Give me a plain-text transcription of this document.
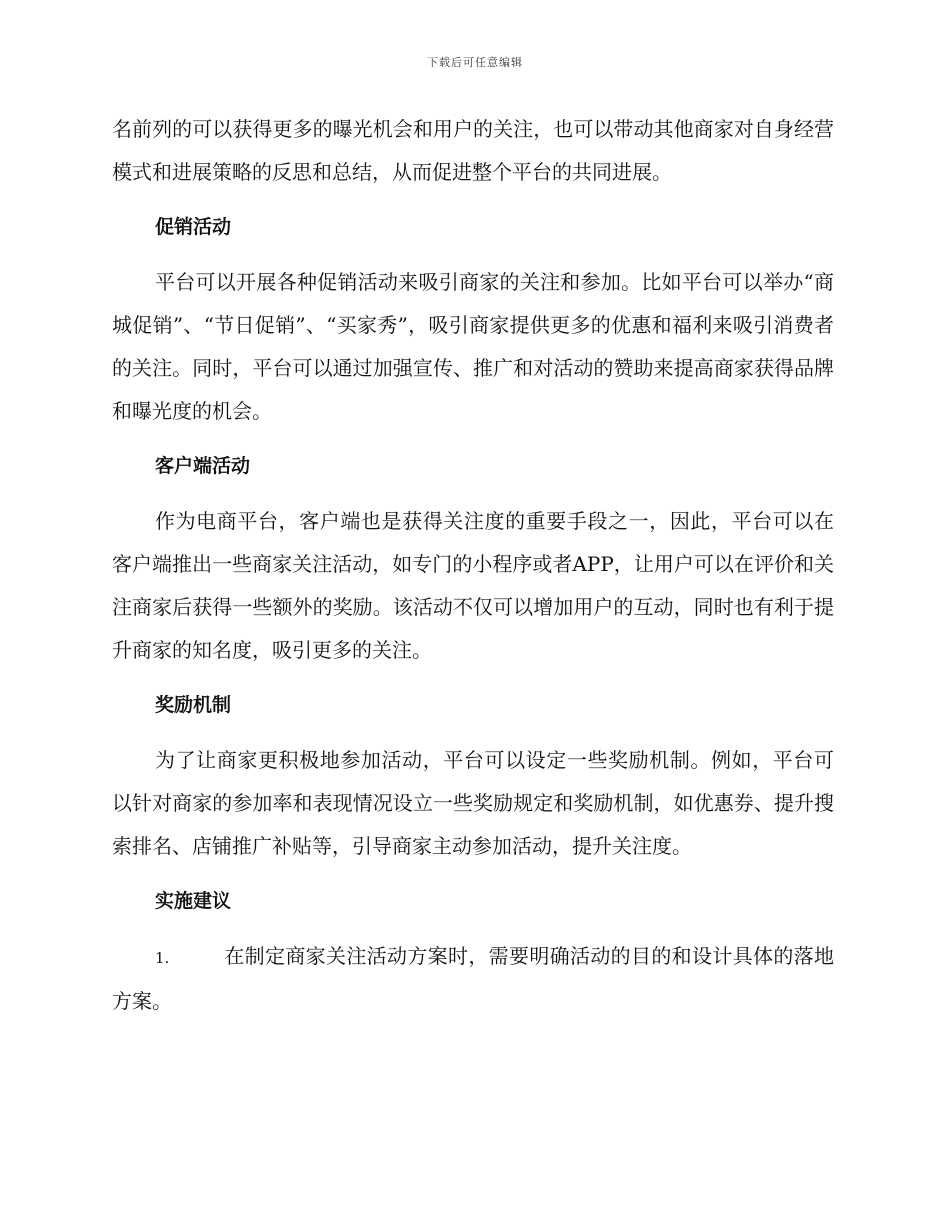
下载后可任意编辑

名前列的可以获得更多的曝光机会和用户的关注，也可以带动其他商家对自身经营模式和进展策略的反思和总结，从而促进整个平台的共同进展。

促销活动

平台可以开展各种促销活动来吸引商家的关注和参加。比如平台可以举办“商城促销”、“节日促销”、“买家秀”，吸引商家提供更多的优惠和福利来吸引消费者的关注。同时，平台可以通过加强宣传、推广和对活动的赞助来提高商家获得品牌和曝光度的机会。

客户端活动

作为电商平台，客户端也是获得关注度的重要手段之一，因此，平台可以在客户端推出一些商家关注活动，如专门的小程序或者APP，让用户可以在评价和关注商家后获得一些额外的奖励。该活动不仅可以增加用户的互动，同时也有利于提升商家的知名度，吸引更多的关注。

奖励机制

为了让商家更积极地参加活动，平台可以设定一些奖励机制。例如，平台可以针对商家的参加率和表现情况设立一些奖励规定和奖励机制，如优惠券、提升搜索排名、店铺推广补贴等，引导商家主动参加活动，提升关注度。

实施建议
1.	在制定商家关注活动方案时，需要明确活动的目的和设计具体的落地方案。
